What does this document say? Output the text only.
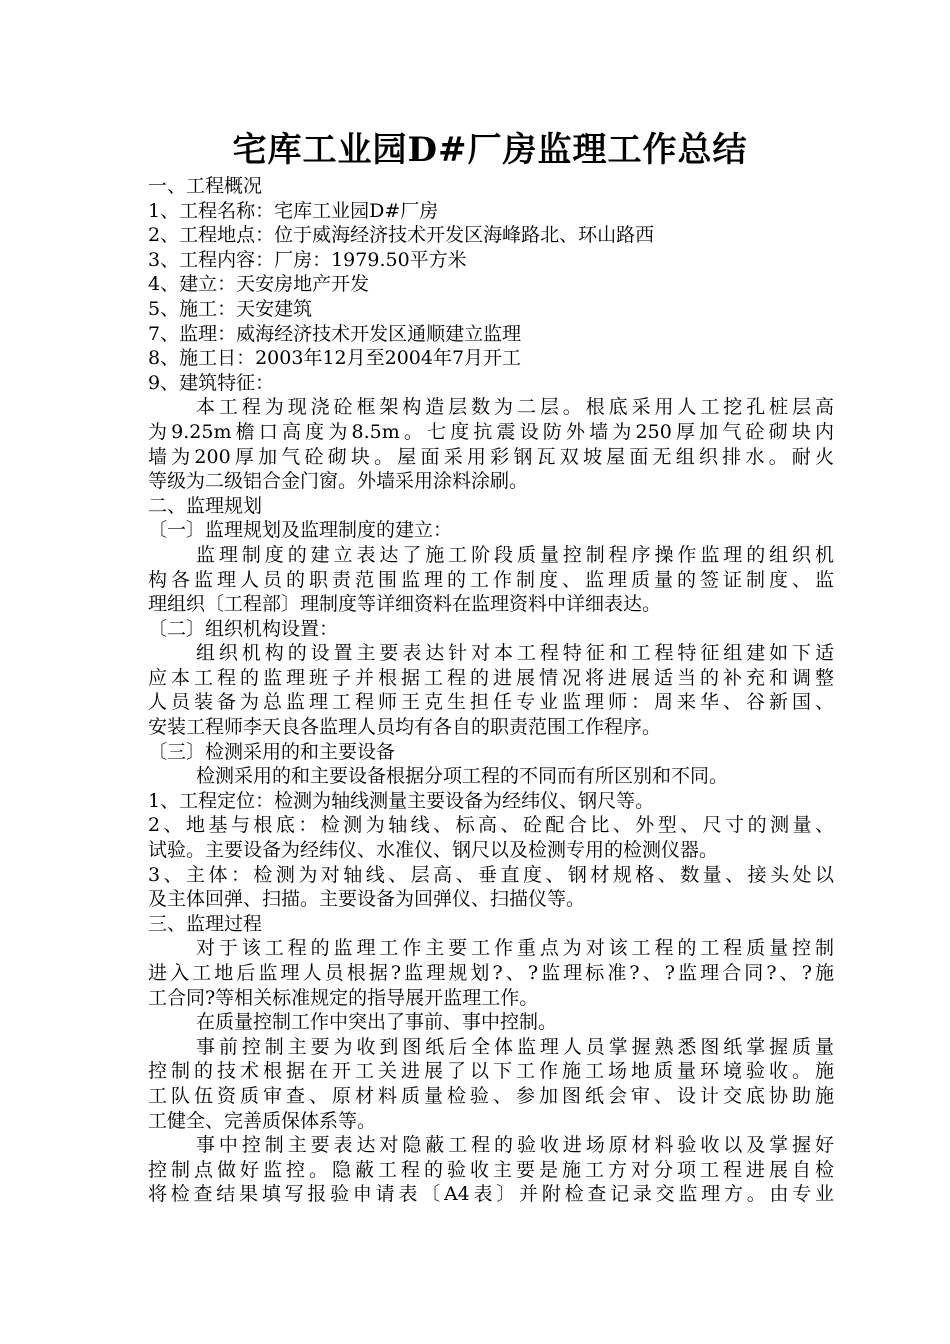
宅库工业园D#厂房监理工作总结
一、工程概况
1、工程名称：宅库工业园D#厂房
2、工程地点：位于威海经济技术开发区海峰路北、环山路西
3、工程内容：厂房：1979.50平方米
4、建立：天安房地产开发
5、施工：天安建筑
7、监理：威海经济技术开发区通顺建立监理
8、施工日：2003年12月至2004年7月开工
9、建筑特征：
本工程为现浇砼框架构造层数为二层。根底采用人工挖孔桩层高
为9.25m檐口高度为8.5m。七度抗震设防外墙为250厚加气砼砌块内
墙为200厚加气砼砌块。屋面采用彩钢瓦双坡屋面无组织排水。耐火
等级为二级铝合金门窗。外墙采用涂料涂刷。
二、监理规划
〔一〕监理规划及监理制度的建立：
监理制度的建立表达了施工阶段质量控制程序操作监理的组织机
构各监理人员的职责范围监理的工作制度、监理质量的签证制度、监
理组织〔工程部〕理制度等详细资料在监理资料中详细表达。
〔二〕组织机构设置：
组织机构的设置主要表达针对本工程特征和工程特征组建如下适
应本工程的监理班子并根据工程的进展情况将进展适当的补充和调整
人员装备为总监理工程师王克生担任专业监理师：周来华、谷新国、
安装工程师李天良各监理人员均有各自的职责范围工作程序。
〔三〕检测采用的和主要设备
检测采用的和主要设备根据分项工程的不同而有所区别和不同。
1、工程定位：检测为轴线测量主要设备为经纬仪、钢尺等。
2、地基与根底：检测为轴线、标高、砼配合比、外型、尺寸的测量、
试验。主要设备为经纬仪、水准仪、钢尺以及检测专用的检测仪器。
3、主体：检测为对轴线、层高、垂直度、钢材规格、数量、接头处以
及主体回弹、扫描。主要设备为回弹仪、扫描仪等。
三、监理过程
对于该工程的监理工作主要工作重点为对该工程的工程质量控制
进入工地后监理人员根据?监理规划?、?监理标准?、?监理合同?、?施
工合同?等相关标准规定的指导展开监理工作。
在质量控制工作中突出了事前、事中控制。
事前控制主要为收到图纸后全体监理人员掌握熟悉图纸掌握质量
控制的技术根据在开工关进展了以下工作施工场地质量环境验收。施
工队伍资质审查、原材料质量检验、参加图纸会审、设计交底协助施
工健全、完善质保体系等。
事中控制主要表达对隐蔽工程的验收进场原材料验收以及掌握好
控制点做好监控。隐蔽工程的验收主要是施工方对分项工程进展自检
将检查结果填写报验申请表〔A4表〕并附检查记录交监理方。由专业
